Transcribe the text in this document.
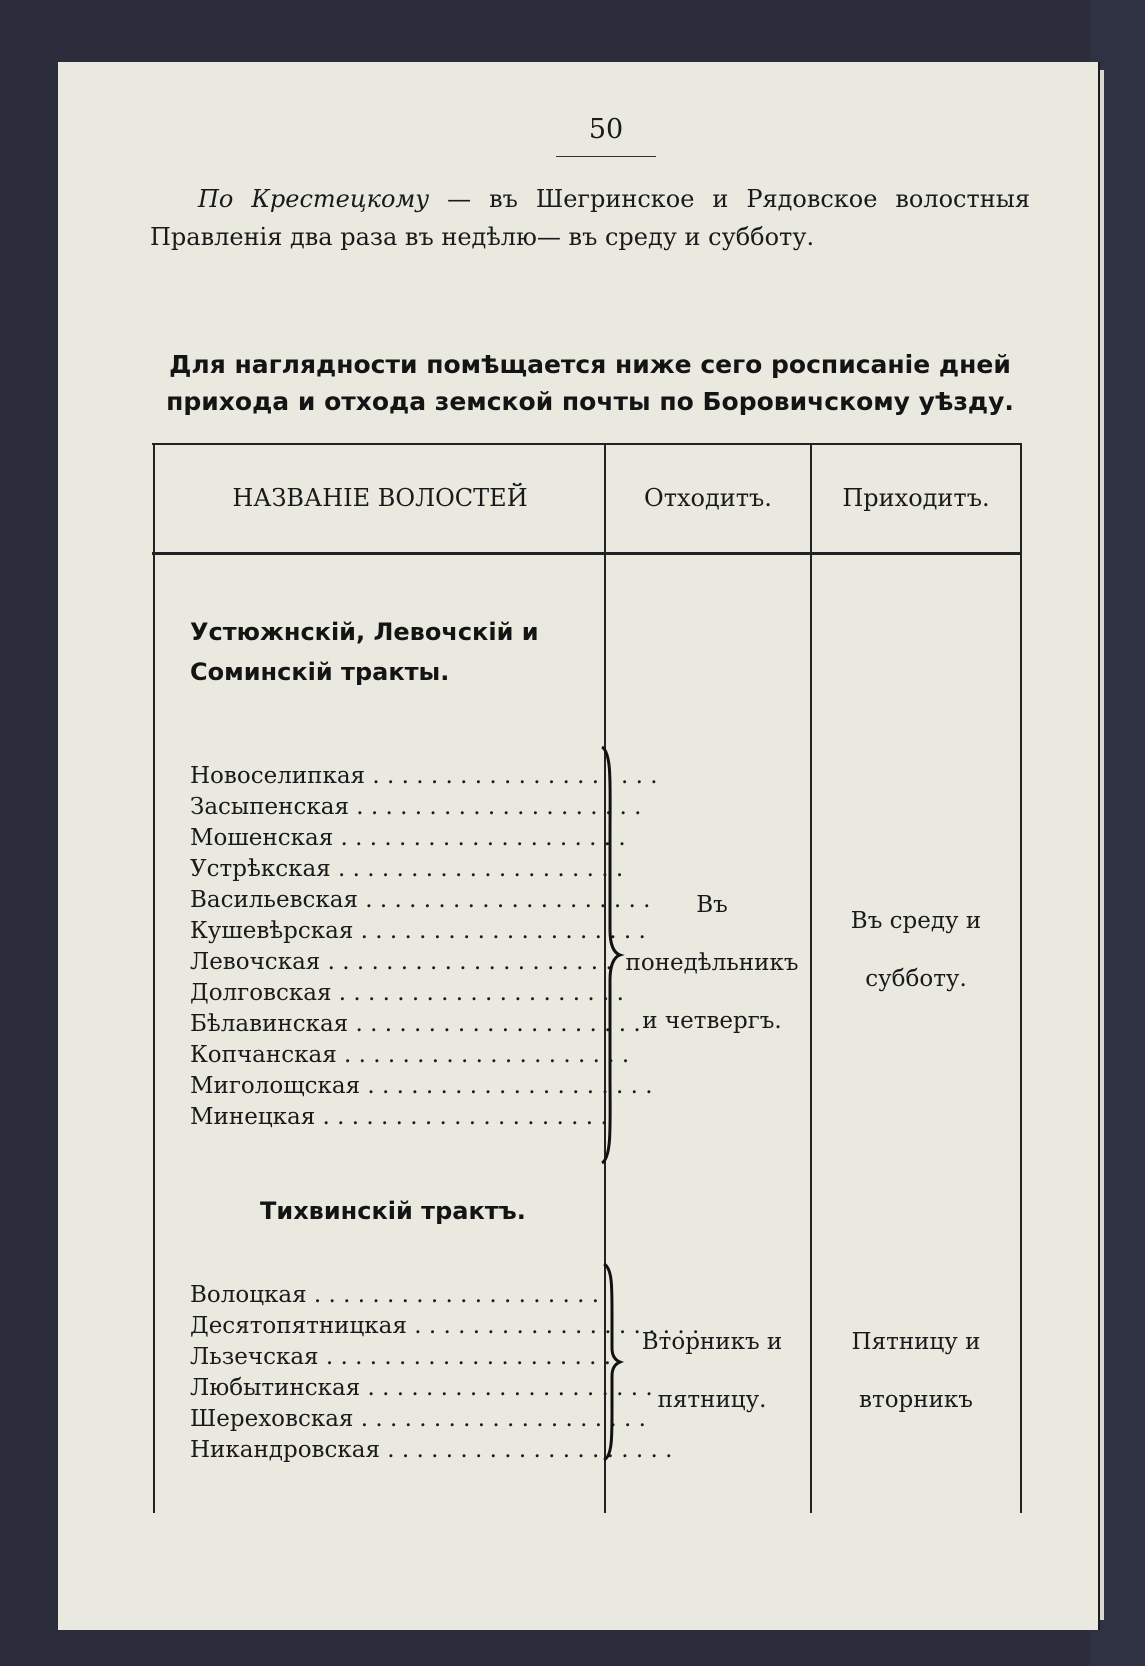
50

  По Крестецкому — въ Шегринское и Рядовское волостныя Правленія два раза въ недѣлю— въ среду и субботу.

Для наглядности помѣщается ниже сего росписаніе дней прихода и отхода земской почты по Боровичскому уѣзду.
НАЗВАНІЕ ВОЛОСТЕЙ	Отходитъ.	Приходитъ.
Устюжнскій, Левочскій и Соминскій тракты.
Новоселипкая . . . . . . . . . . . . . . . . . . . .
Засыпенская . . . . . . . . . . . . . . . . . . . .
Мошенская . . . . . . . . . . . . . . . . . . . .
Устрѣкская . . . . . . . . . . . . . . . . . . . .
Васильевская . . . . . . . . . . . . . . . . . . . .
Кушевѣрская . . . . . . . . . . . . . . . . . . . .
Левочская . . . . . . . . . . . . . . . . . . . .
Долговская . . . . . . . . . . . . . . . . . . . .
Бѣлавинская . . . . . . . . . . . . . . . . . . . .
Копчанская . . . . . . . . . . . . . . . . . . . .
Миголощская . . . . . . . . . . . . . . . . . . . .
Минецкая . . . . . . . . . . . . . . . . . . . .
Въ понедѣльникъ и четвергъ.
Въ среду и субботу.
Тихвинскій трактъ.
Волоцкая . . . . . . . . . . . . . . . . . . . .
Десятопятницкая . . . . . . . . . . . . . . . . . . . .
Льзечская . . . . . . . . . . . . . . . . . . . .
Любытинская . . . . . . . . . . . . . . . . . . . .
Шереховская . . . . . . . . . . . . . . . . . . . .
Никандровская . . . . . . . . . . . . . . . . . . . .
Вторникъ и пятницу.
Пятницу и вторникъ
